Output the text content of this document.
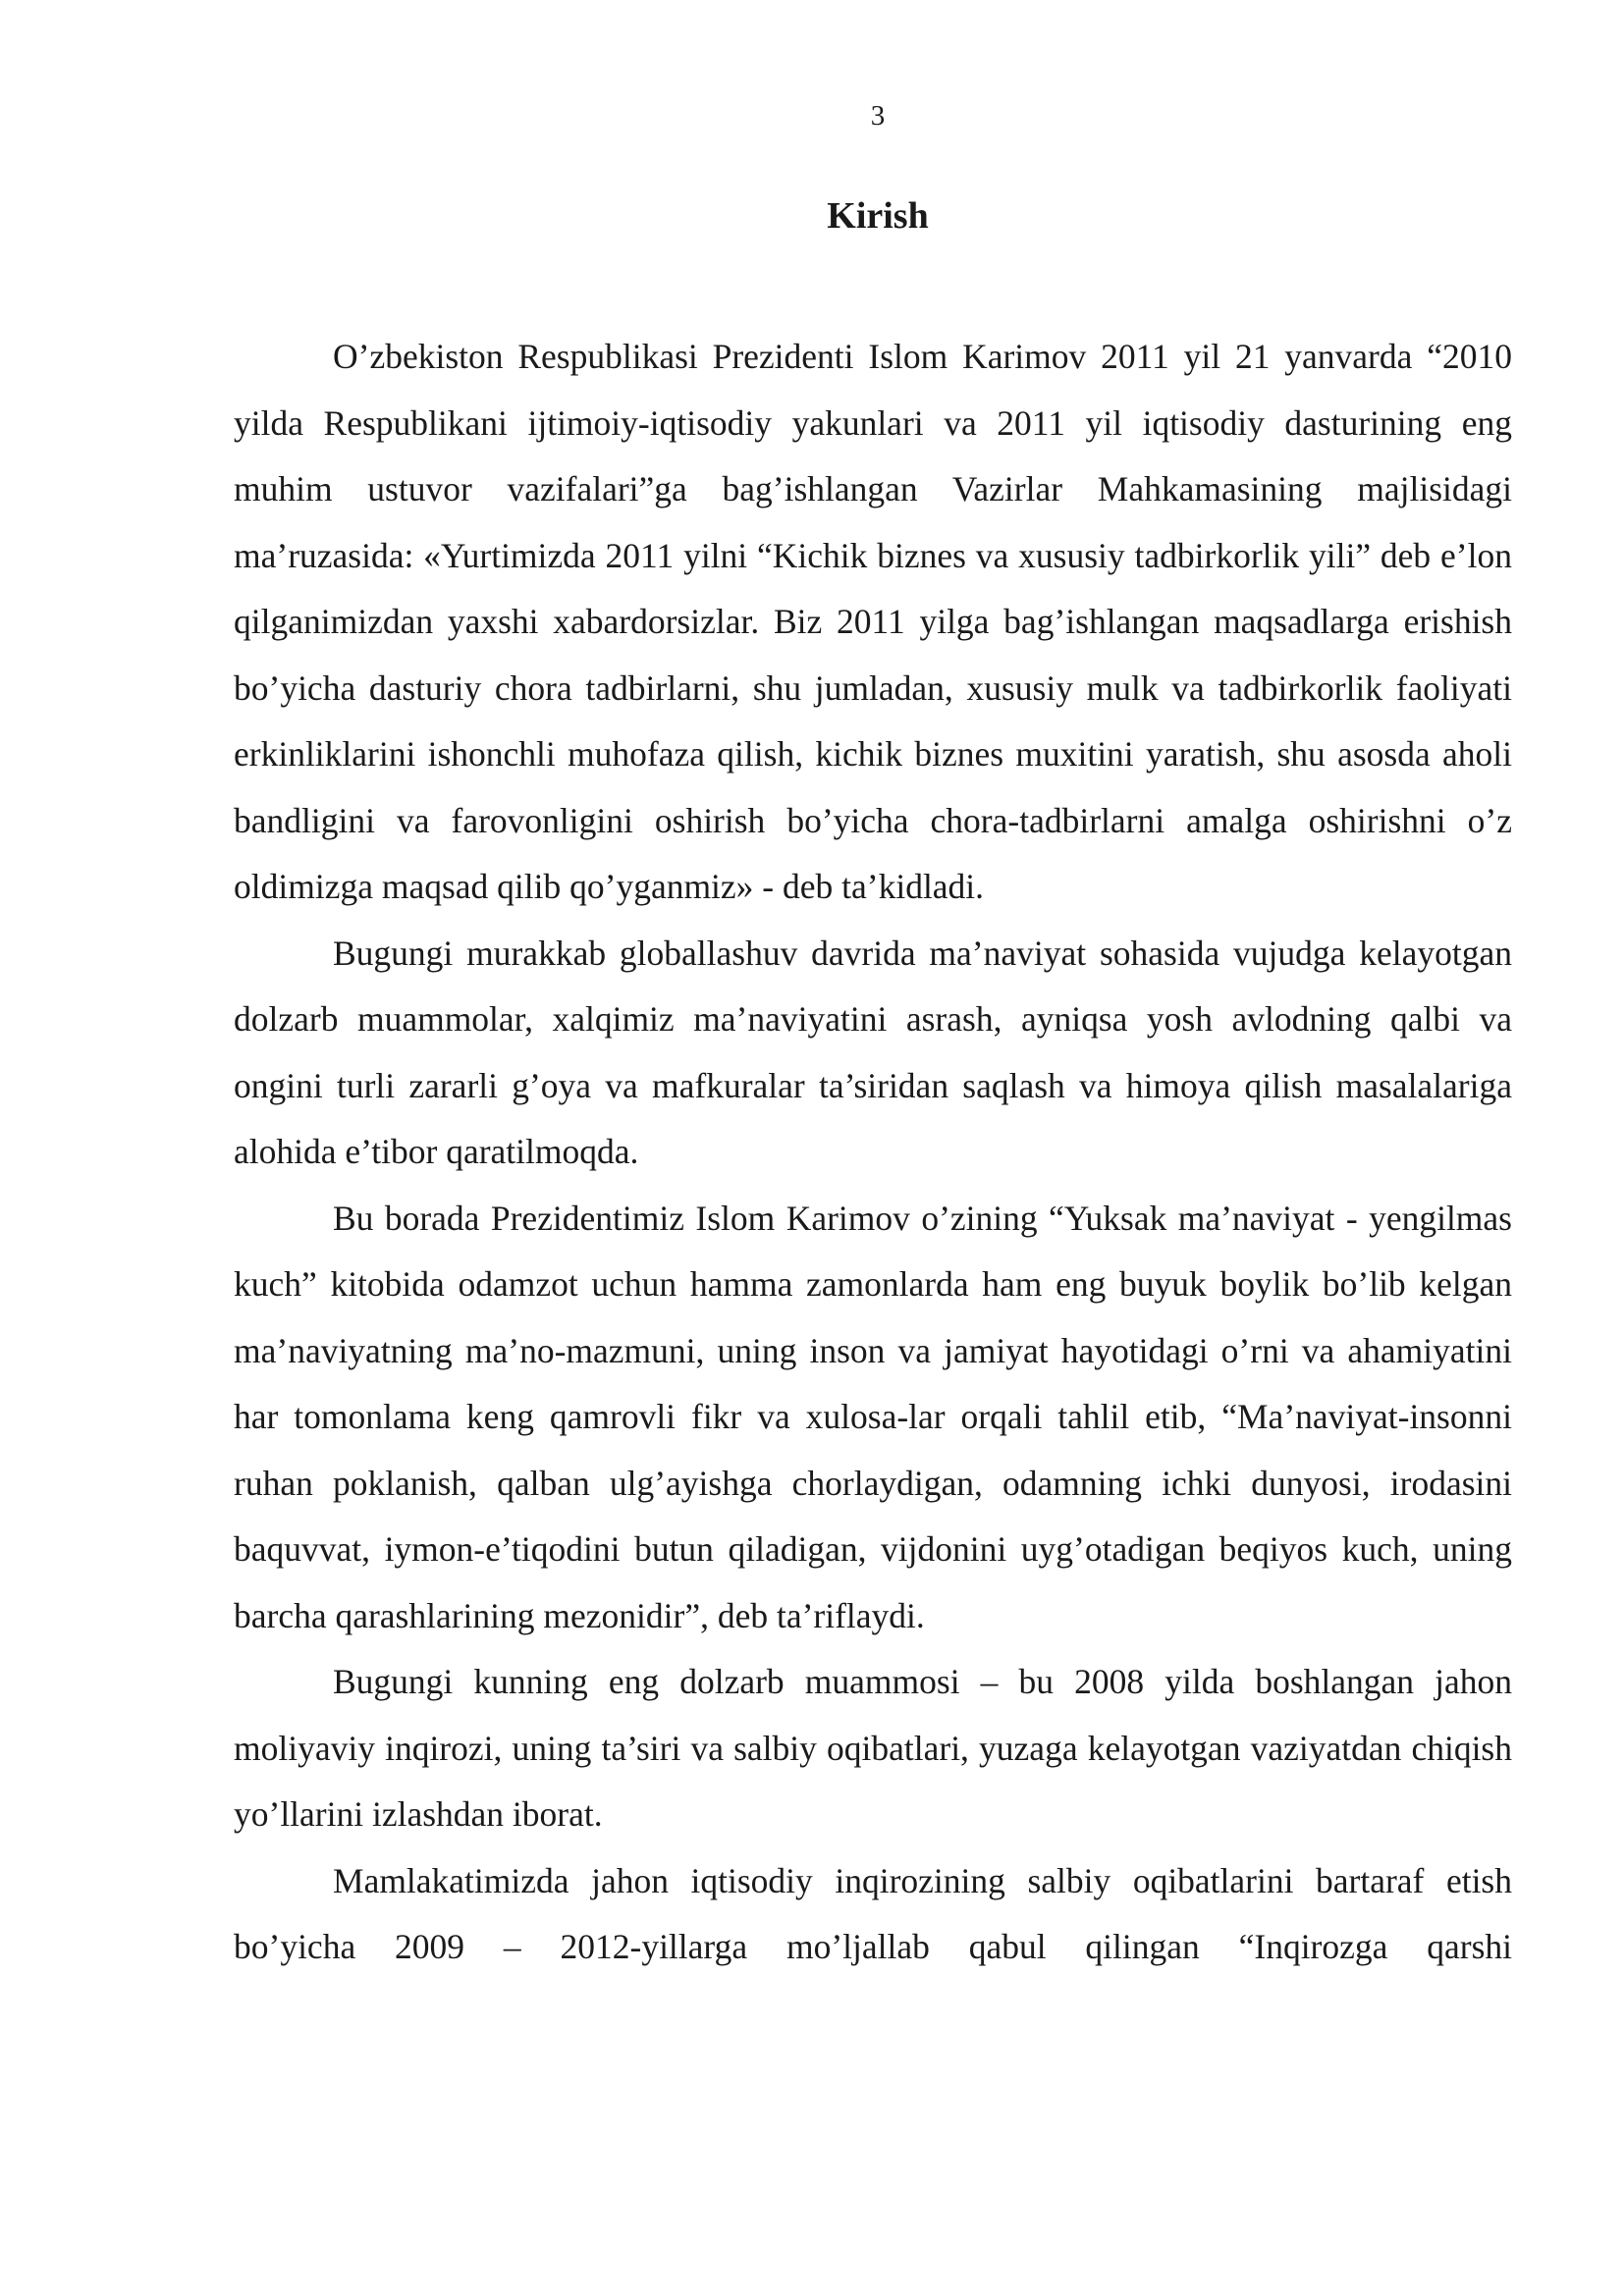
3
Kirish

O’zbekiston Respublikasi Prezidenti Islom Karimov 2011 yil 21 yanvarda “2010 yilda Respublikani ijtimoiy-iqtisodiy yakunlari va 2011 yil iqtisodiy dasturining eng muhim ustuvor vazifalari”ga bag’ishlangan Vazirlar Mahkamasining majlisidagi ma’ruzasida: «Yurtimizda 2011 yilni “Kichik biznes va xususiy tadbirkorlik yili” deb e’lon qilganimizdan yaxshi xabardorsizlar. Biz 2011 yilga bag’ishlangan maqsadlarga erishish bo’yicha dasturiy chora tadbirlarni, shu jumladan, xususiy mulk va tadbirkorlik faoliyati erkinliklarini ishonchli muhofaza qilish, kichik biznes muxitini yaratish, shu asosda aholi bandligini va farovonligini oshirish bo’yicha chora-tadbirlarni amalga oshirishni o’z oldimizga maqsad qilib qo’yganmiz» - deb ta’kidladi.

Bugungi murakkab globallashuv davrida ma’naviyat sohasida vujudga kelayotgan dolzarb muammolar, xalqimiz ma’naviyatini asrash, ayniqsa yosh avlodning qalbi va ongini turli zararli g’oya va mafkuralar ta’siridan saqlash va himoya qilish masalalariga alohida e’tibor qaratilmoqda.

Bu borada Prezidentimiz Islom Karimov o’zining “Yuksak ma’naviyat - yengilmas kuch” kitobida odamzot uchun hamma zamonlarda ham eng buyuk boylik bo’lib kelgan ma’naviyatning ma’no-mazmuni, uning inson va jamiyat hayotidagi o’rni va ahamiyatini har tomonlama keng qamrovli fikr va xulosa-lar orqali tahlil etib, “Ma’naviyat-insonni ruhan poklanish, qalban ulg’ayishga chorlaydigan, odamning ichki dunyosi, irodasini baquvvat, iymon-e’tiqodini butun qiladigan, vijdonini uyg’otadigan beqiyos kuch, uning barcha qarashlarining mezonidir”, deb ta’riflaydi.

Bugungi kunning eng dolzarb muammosi – bu 2008 yilda boshlangan jahon moliyaviy inqirozi, uning ta’siri va salbiy oqibatlari, yuzaga kelayotgan vaziyatdan chiqish yo’llarini izlashdan iborat.

Mamlakatimizda jahon iqtisodiy inqirozining salbiy oqibatlarini bartaraf etish bo’yicha 2009 – 2012-yillarga mo’ljallab qabul qilingan “Inqirozga qarshi
